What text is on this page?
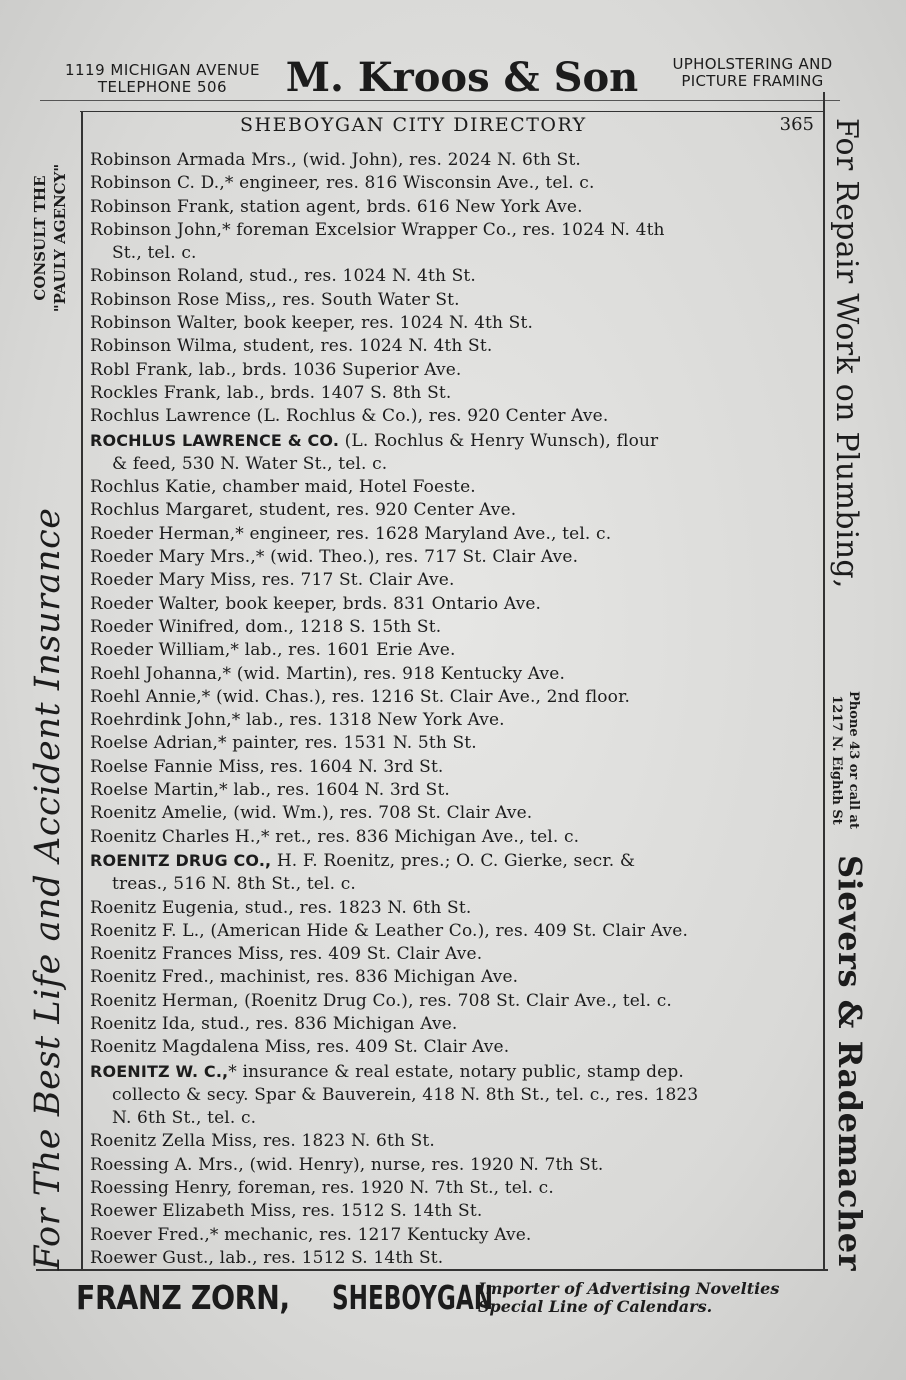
1119 MICHIGAN AVENUE
TELEPHONE 506	M. Kroos & Son	UPHOLSTERING AND
PICTURE FRAMING
SHEBOYGAN CITY DIRECTORY	365
Robinson Armada Mrs., (wid. John), res. 2024 N. 6th St.
Robinson C. D.,* engineer, res. 816 Wisconsin Ave., tel. c.
Robinson Frank, station agent, brds. 616 New York Ave.
Robinson John,* foreman Excelsior Wrapper Co., res. 1024 N. 4th
St., tel. c.
Robinson Roland, stud., res. 1024 N. 4th St.
Robinson Rose Miss,, res. South Water St.
Robinson Walter, book keeper, res. 1024 N. 4th St.
Robinson Wilma, student, res. 1024 N. 4th St.
Robl Frank, lab., brds. 1036 Superior Ave.
Rockles Frank, lab., brds. 1407 S. 8th St.
Rochlus Lawrence (L. Rochlus & Co.), res. 920 Center Ave.
ROCHLUS LAWRENCE & CO. (L. Rochlus & Henry Wunsch), flour
& feed, 530 N. Water St., tel. c.
Rochlus Katie, chamber maid, Hotel Foeste.
Rochlus Margaret, student, res. 920 Center Ave.
Roeder Herman,* engineer, res. 1628 Maryland Ave., tel. c.
Roeder Mary Mrs.,* (wid. Theo.), res. 717 St. Clair Ave.
Roeder Mary Miss, res. 717 St. Clair Ave.
Roeder Walter, book keeper, brds. 831 Ontario Ave.
Roeder Winifred, dom., 1218 S. 15th St.
Roeder William,* lab., res. 1601 Erie Ave.
Roehl Johanna,* (wid. Martin), res. 918 Kentucky Ave.
Roehl Annie,* (wid. Chas.), res. 1216 St. Clair Ave., 2nd floor.
Roehrdink John,* lab., res. 1318 New York Ave.
Roelse Adrian,* painter, res. 1531 N. 5th St.
Roelse Fannie Miss, res. 1604 N. 3rd St.
Roelse Martin,* lab., res. 1604 N. 3rd St.
Roenitz Amelie, (wid. Wm.), res. 708 St. Clair Ave.
Roenitz Charles H.,* ret., res. 836 Michigan Ave., tel. c.
ROENITZ DRUG CO., H. F. Roenitz, pres.; O. C. Gierke, secr. &
treas., 516 N. 8th St., tel. c.
Roenitz Eugenia, stud., res. 1823 N. 6th St.
Roenitz F. L., (American Hide & Leather Co.), res. 409 St. Clair Ave.
Roenitz Frances Miss, res. 409 St. Clair Ave.
Roenitz Fred., machinist, res. 836 Michigan Ave.
Roenitz Herman, (Roenitz Drug Co.), res. 708 St. Clair Ave., tel. c.
Roenitz Ida, stud., res. 836 Michigan Ave.
Roenitz Magdalena Miss, res. 409 St. Clair Ave.
ROENITZ W. C.,* insurance & real estate, notary public, stamp dep.
collecto & secy. Spar & Bauverein, 418 N. 8th St., tel. c., res. 1823
N. 6th St., tel. c.
Roenitz Zella Miss, res. 1823 N. 6th St.
Roessing A. Mrs., (wid. Henry), nurse, res. 1920 N. 7th St.
Roessing Henry, foreman, res. 1920 N. 7th St., tel. c.
Roewer Elizabeth Miss, res. 1512 S. 14th St.
Roever Fred.,* mechanic, res. 1217 Kentucky Ave.
Roewer Gust., lab., res. 1512 S. 14th St.
For The Best Life and Accident Insurance
CONSULT THE "PAULY AGENCY"	For Repair Work on Plumbing,
Phone 43 or call at
1217 N. Eighth St
Sievers & Rademacher
FRANZ ZORN, SHEBOYGAN
Importer of Advertising Novelties
Special Line of Calendars.
